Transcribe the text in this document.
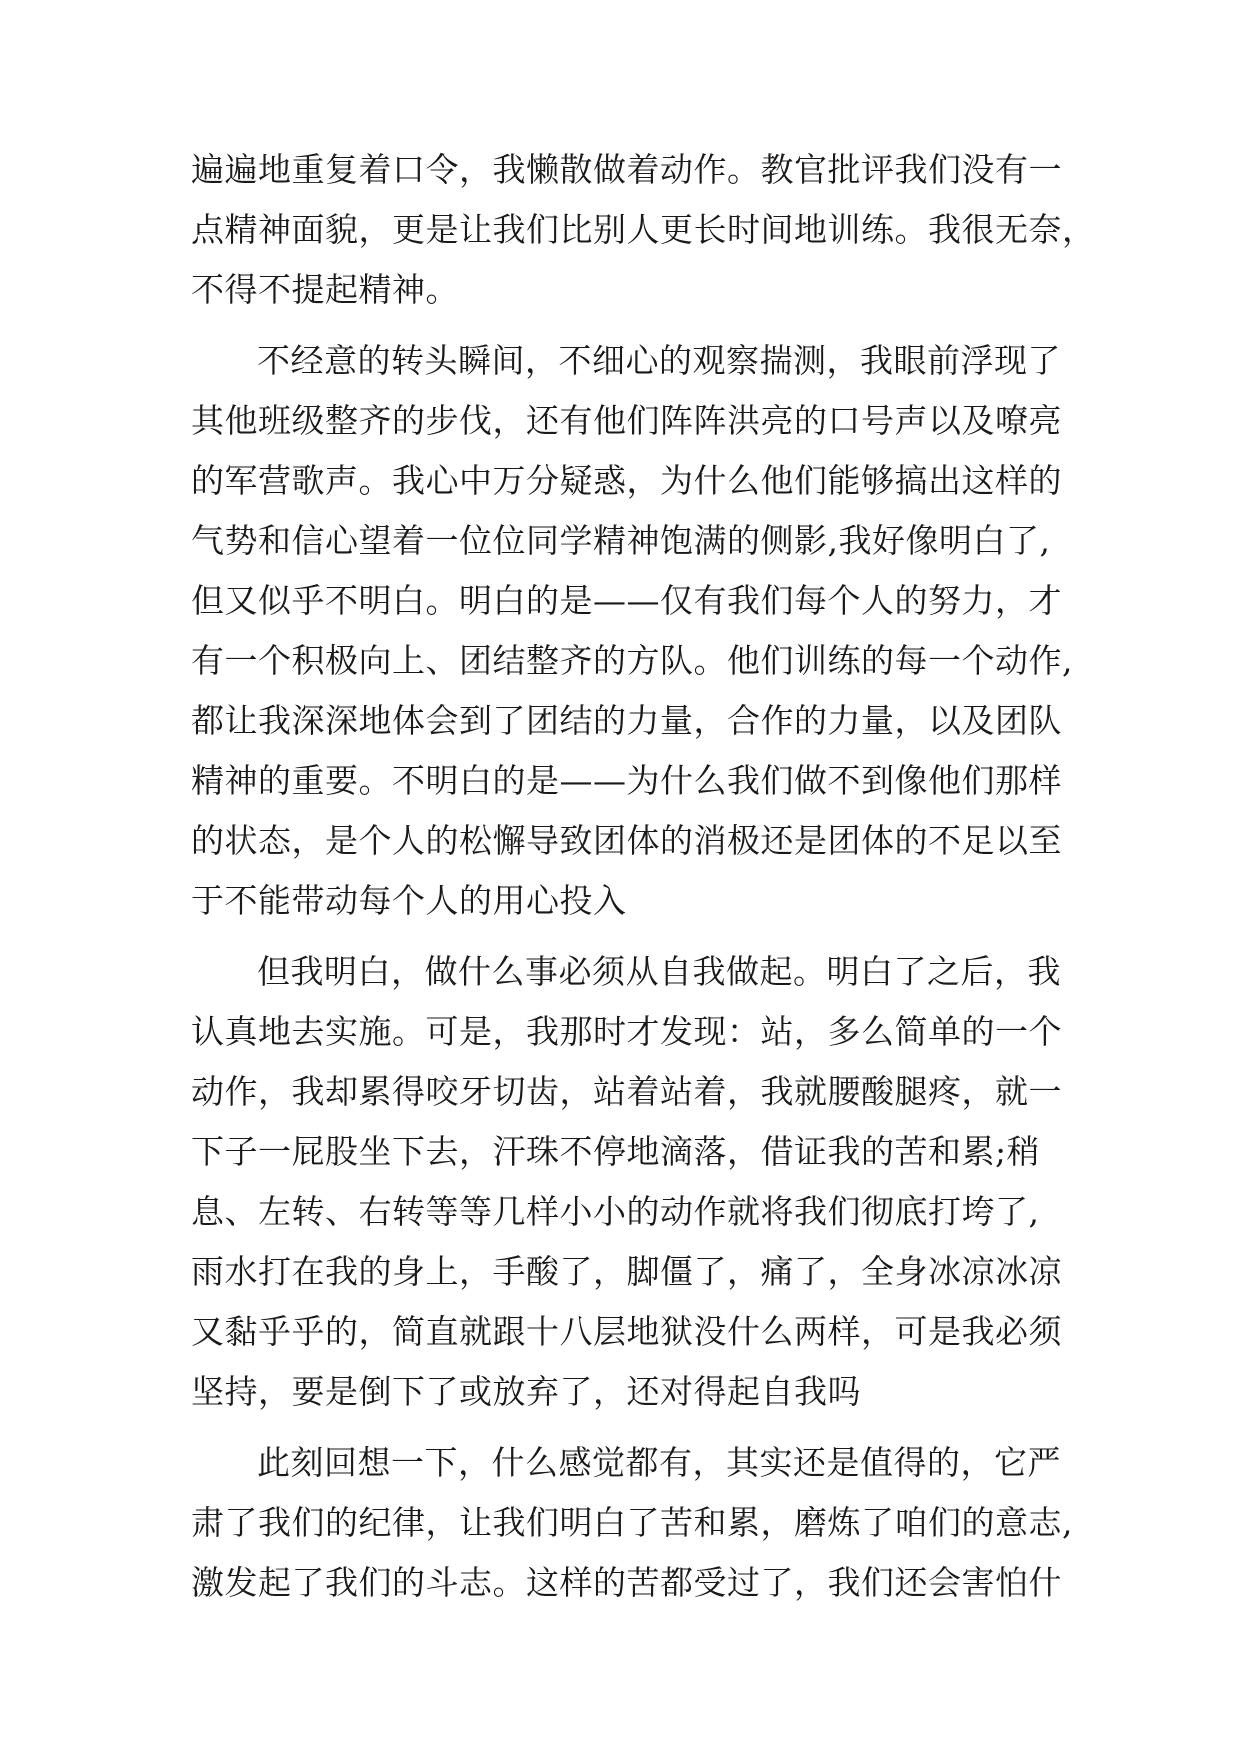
遍遍地重复着口令，我懒散做着动作。教官批评我们没有一
点精神面貌，更是让我们比别人更长时间地训练。我很无奈，
不得不提起精神。
不经意的转头瞬间，不细心的观察揣测，我眼前浮现了
其他班级整齐的步伐，还有他们阵阵洪亮的口号声以及嘹亮
的军营歌声。我心中万分疑惑，为什么他们能够搞出这样的
气势和信心望着一位位同学精神饱满的侧影,我好像明白了,
但又似乎不明白。明白的是——仅有我们每个人的努力，才
有一个积极向上、团结整齐的方队。他们训练的每一个动作,
都让我深深地体会到了团结的力量，合作的力量，以及团队
精神的重要。不明白的是——为什么我们做不到像他们那样
的状态，是个人的松懈导致团体的消极还是团体的不足以至
于不能带动每个人的用心投入
但我明白，做什么事必须从自我做起。明白了之后，我
认真地去实施。可是，我那时才发现：站，多么简单的一个
动作，我却累得咬牙切齿，站着站着，我就腰酸腿疼，就一
下子一屁股坐下去，汗珠不停地滴落，借证我的苦和累;稍
息、左转、右转等等几样小小的动作就将我们彻底打垮了,
雨水打在我的身上，手酸了，脚僵了，痛了，全身冰凉冰凉
又黏乎乎的，简直就跟十八层地狱没什么两样，可是我必须
坚持，要是倒下了或放弃了，还对得起自我吗
此刻回想一下，什么感觉都有，其实还是值得的，它严
肃了我们的纪律，让我们明白了苦和累，磨炼了咱们的意志,
激发起了我们的斗志。这样的苦都受过了，我们还会害怕什
